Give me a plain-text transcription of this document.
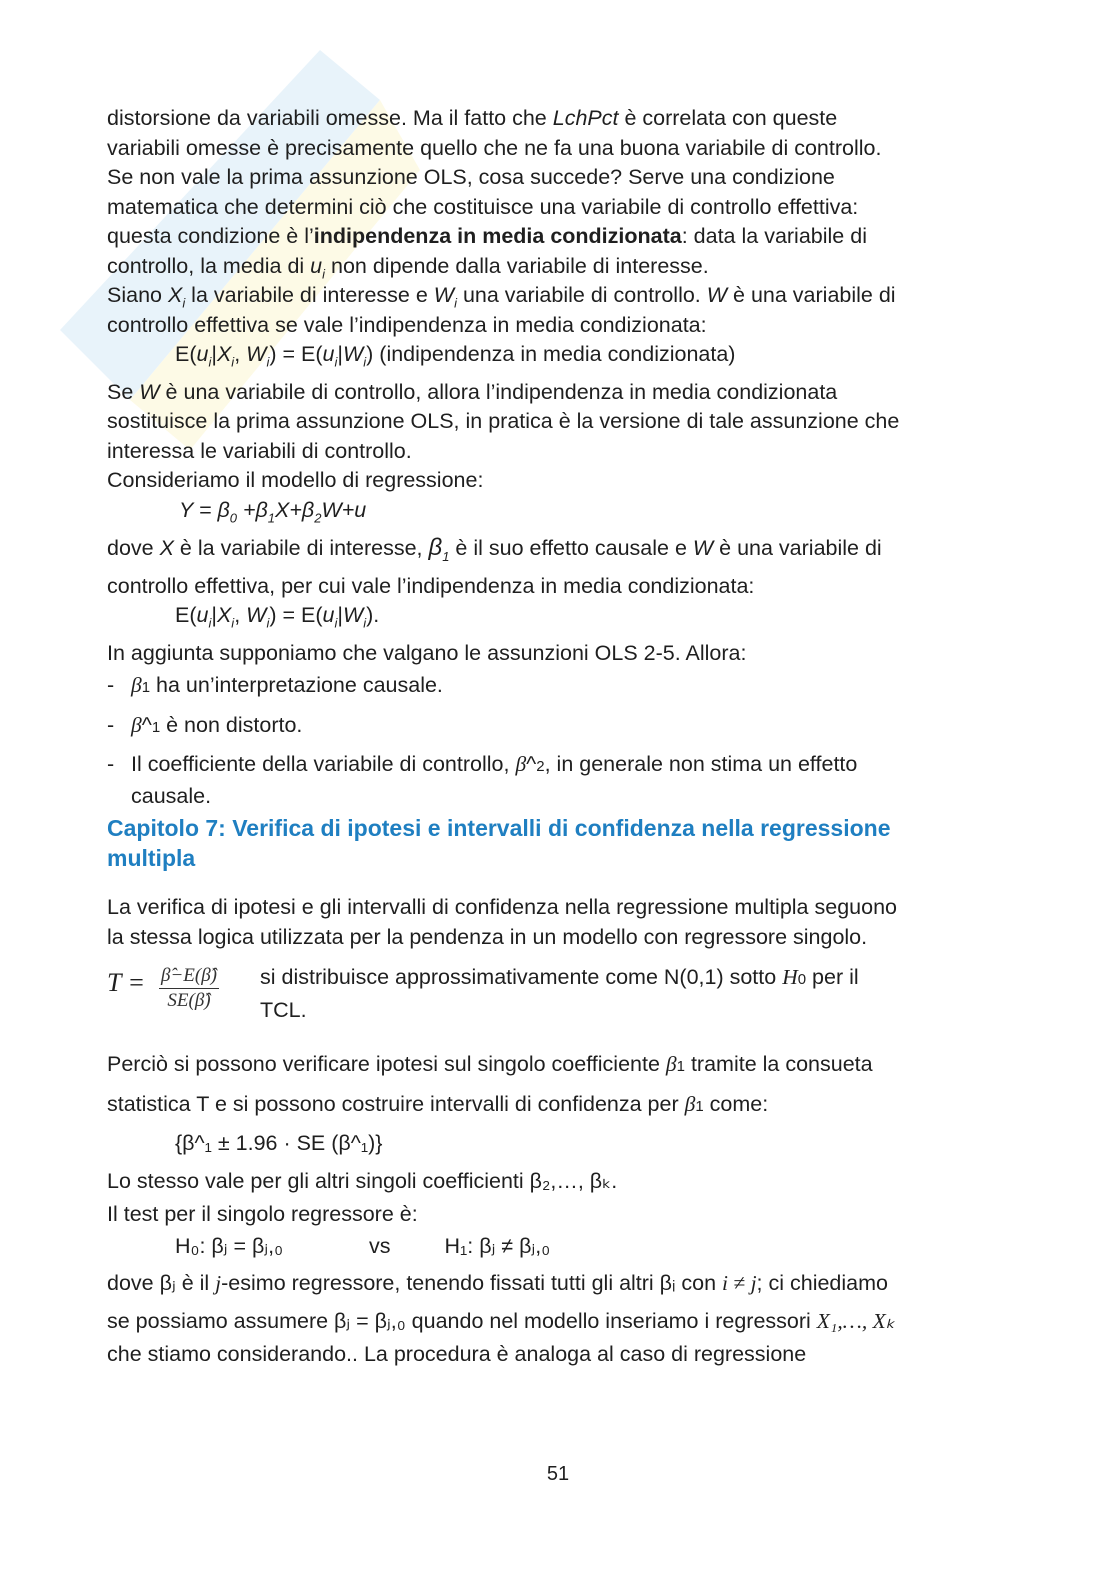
distorsione da variabili omesse. Ma il fatto che LchPct è correlata con queste
variabili omesse è precisamente quello che ne fa una buona variabile di controllo.
Se non vale la prima assunzione OLS, cosa succede? Serve una condizione
matematica che determini ciò che costituisce una variabile di controllo effettiva:
questa condizione è l’indipendenza in media condizionata: data la variabile di
controllo, la media di $u_i$ non dipende dalla variabile di interesse.
Siano $X_i$ la variabile di interesse e $W_i$ una variabile di controllo. W è una variabile di
controllo effettiva se vale l’indipendenza in media condizionata:
$E(u_i|X_i$, $W_i) = E(u_i|W_i)$ (indipendenza in media condizionata)
Se W è una variabile di controllo, allora l’indipendenza in media condizionata
sostituisce la prima assunzione OLS, in pratica è la versione di tale assunzione che
interessa le variabili di controllo.
Consideriamo il modello di regressione:
$Y = \beta_0 +\beta_1X+\beta_2W+u$
dove X è la variabile di interesse, $\beta_1$ è il suo effetto causale e W è una variabile di
controllo effettiva, per cui vale l’indipendenza in media condizionata:
$E(u_i|X_i$, $W_i) = E(u_i|W_i)$.
In aggiunta supponiamo che valgano le assunzioni OLS 2-5. Allora:
- β1 ha un’interpretazione causale.
- β^1 è non distorto.
- Il coefficiente della variabile di controllo, β^2, in generale non stima un effetto
causale.
Capitolo 7: Verifica di ipotesi e intervalli di confidenza nella regressione
multipla
La verifica di ipotesi e gli intervalli di confidenza nella regressione multipla seguono
la stessa logica utilizzata per la pendenza in un modello con regressore singolo.
$T = \frac{\betâ-E(\betâ)}{SE(\betâ)}$ si distribuisce approssimativamente come N(0,1) sotto H0 per il
TCL.
Perciò si possono verificare ipotesi sul singolo coefficiente β1 tramite la consueta
statistica T e si possono costruire intervalli di confidenza per β1 come:
{β^₁ ± 1.96 · SE (β^₁)}
Lo stesso vale per gli altri singoli coefficienti β₂,…, βₖ.
Il test per il singolo regressore è:
H₀: βⱼ = βⱼ,₀	vs	H₁: βⱼ ≠ βⱼ,₀
dove βⱼ è il j-esimo regressore, tenendo fissati tutti gli altri βᵢ con i ≠ j; ci chiediamo
se possiamo assumere βⱼ = βⱼ,₀ quando nel modello inseriamo i regressori X₁,…, Xₖ
che stiamo considerando.. La procedura è analoga al caso di regressione
51
